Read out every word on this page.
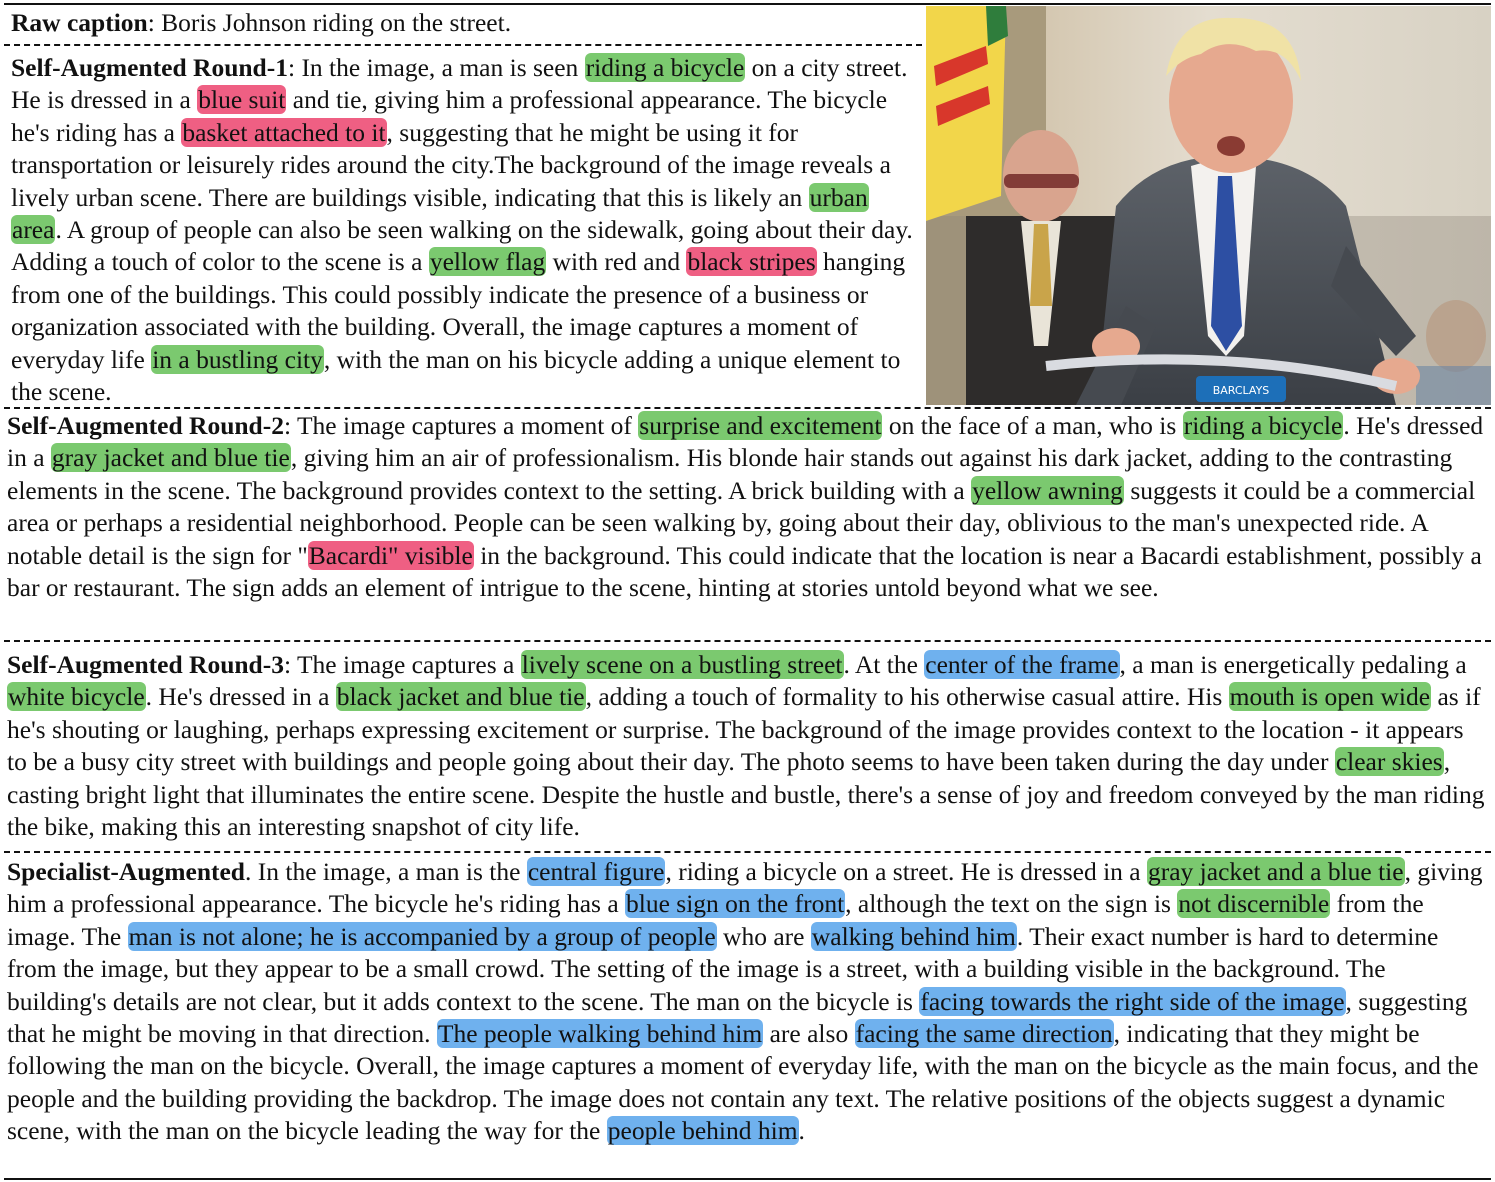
Raw caption: Boris Johnson riding on the street.

Self-Augmented Round-1: In the image, a man is seen riding a bicycle on a city street. He is dressed in a blue suit and tie, giving him a professional appearance. The bicycle he's riding has a basket attached to it, suggesting that he might be using it for transportation or leisurely rides around the city.The background of the image reveals a lively urban scene. There are buildings visible, indicating that this is likely an urban area. A group of people can also be seen walking on the sidewalk, going about their day. Adding a touch of color to the scene is a yellow flag with red and black stripes hanging from one of the buildings. This could possibly indicate the presence of a business or organization associated with the building. Overall, the image captures a moment of everyday life in a bustling city, with the man on his bicycle adding a unique element to the scene.	BARCLAYS

Self-Augmented Round-2: The image captures a moment of surprise and excitement on the face of a man, who is riding a bicycle. He's dressed in a gray jacket and blue tie, giving him an air of professionalism. His blonde hair stands out against his dark jacket, adding to the contrasting elements in the scene. The background provides context to the setting. A brick building with a yellow awning suggests it could be a commercial area or perhaps a residential neighborhood. People can be seen walking by, going about their day, oblivious to the man's unexpected ride. A notable detail is the sign for "Bacardi" visible in the background. This could indicate that the location is near a Bacardi establishment, possibly a bar or restaurant. The sign adds an element of intrigue to the scene, hinting at stories untold beyond what we see.

Self-Augmented Round-3: The image captures a lively scene on a bustling street. At the center of the frame, a man is energetically pedaling a white bicycle. He's dressed in a black jacket and blue tie, adding a touch of formality to his otherwise casual attire. His mouth is open wide as if he's shouting or laughing, perhaps expressing excitement or surprise. The background of the image provides context to the location - it appears to be a busy city street with buildings and people going about their day. The photo seems to have been taken during the day under clear skies, casting bright light that illuminates the entire scene. Despite the hustle and bustle, there's a sense of joy and freedom conveyed by the man riding the bike, making this an interesting snapshot of city life.

Specialist-Augmented. In the image, a man is the central figure, riding a bicycle on a street. He is dressed in a gray jacket and a blue tie, giving him a professional appearance. The bicycle he's riding has a blue sign on the front, although the text on the sign is not discernible from the image. The man is not alone; he is accompanied by a group of people who are walking behind him. Their exact number is hard to determine from the image, but they appear to be a small crowd. The setting of the image is a street, with a building visible in the background. The building's details are not clear, but it adds context to the scene. The man on the bicycle is facing towards the right side of the image, suggesting that he might be moving in that direction. The people walking behind him are also facing the same direction, indicating that they might be following the man on the bicycle. Overall, the image captures a moment of everyday life, with the man on the bicycle as the main focus, and the people and the building providing the backdrop. The image does not contain any text. The relative positions of the objects suggest a dynamic scene, with the man on the bicycle leading the way for the people behind him.
